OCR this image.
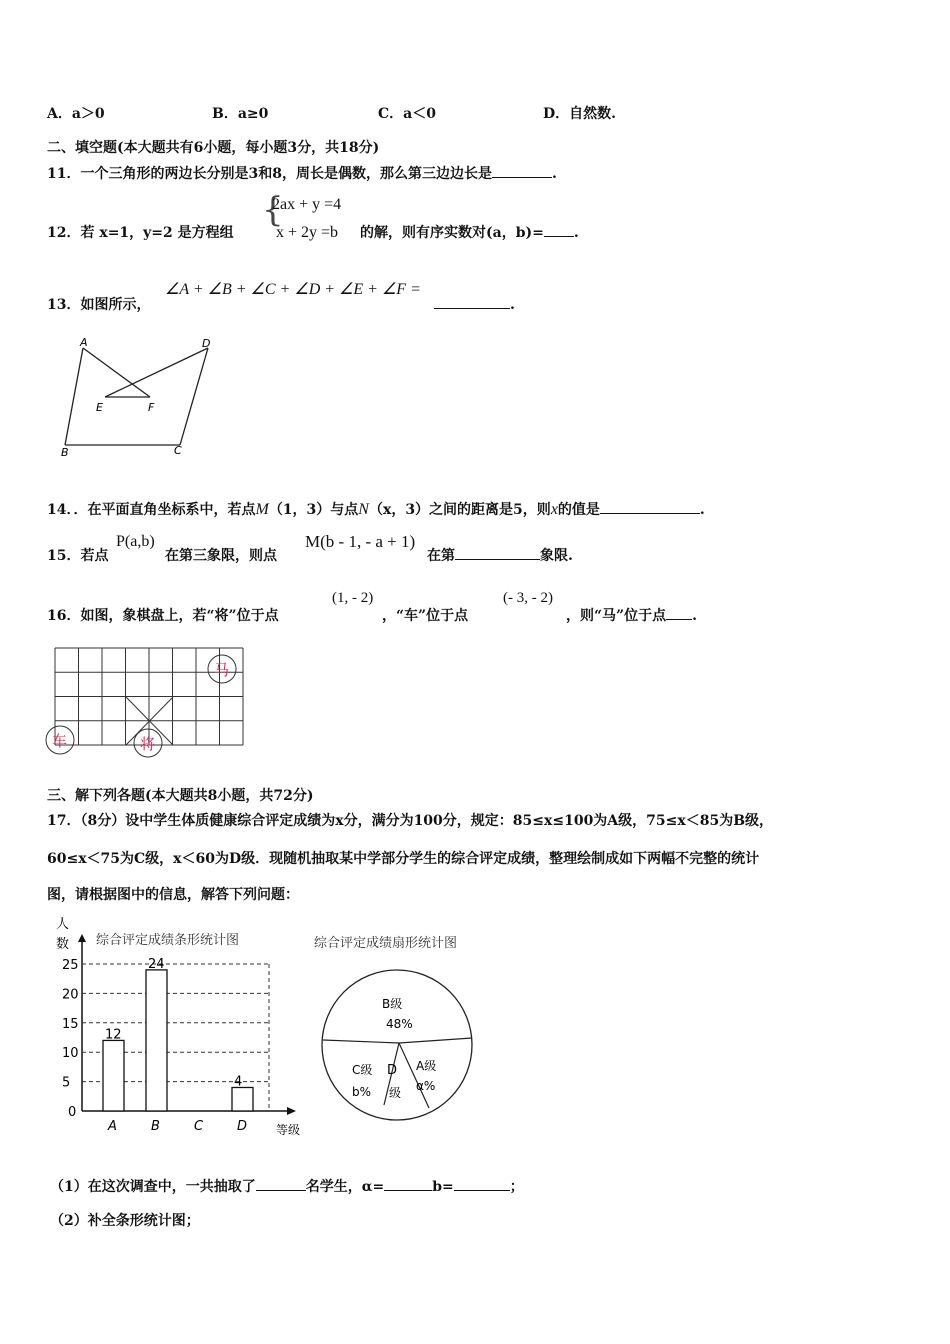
A．a＞0	B．a≥0	C．a＜0	D．自然数.
二、填空题(本大题共有6小题，每小题3分，共18分)
11．一个三角形的两边长分别是3和8，周长是偶数，那么第三边边长是	.
12．若 x=1，y=2 是方程组
{
2ax + y =4
x + 2y =b 的解，则有序实数对(a，b)= .
13．如图所示，
∠A + ∠B + ∠C + ∠D + ∠E + ∠F =
.
A	D
B	C
E	F
14．．在平面直角坐标系中，若点M（1，3）与点N（x，3）之间的距离是5，则x的值是	.
15．若点
P(a,b)
在第三象限，则点
M(b - 1, - a + 1)
在第	象限.
16．如图，象棋盘上，若“将”位于点
(1, - 2)
，“车”位于点
(- 3, - 2)
，则“马”位于点 .
马
车	将
三、解下列各题(本大题共8小题，共72分)
17．（8分）设中学生体质健康综合评定成绩为x分，满分为100分，规定：85≤x≤100为A级，75≤x＜85为B级，
60≤x＜75为C级，x＜60为D级．现随机抽取某中学部分学生的综合评定成绩，整理绘制成如下两幅不完整的统计
图，请根据图中的信息，解答下列问题：
人
数 综合评定成绩条形统计图
等级
0
5
10
15
20
25
A
12
B
24
C	D
4
综合评定成绩扇形统计图
B级
48%
A级
α%
D
级
C级
b%
（1）在这次调查中，一共抽取了	名学生，α=	b=	；
（2）补全条形统计图；
